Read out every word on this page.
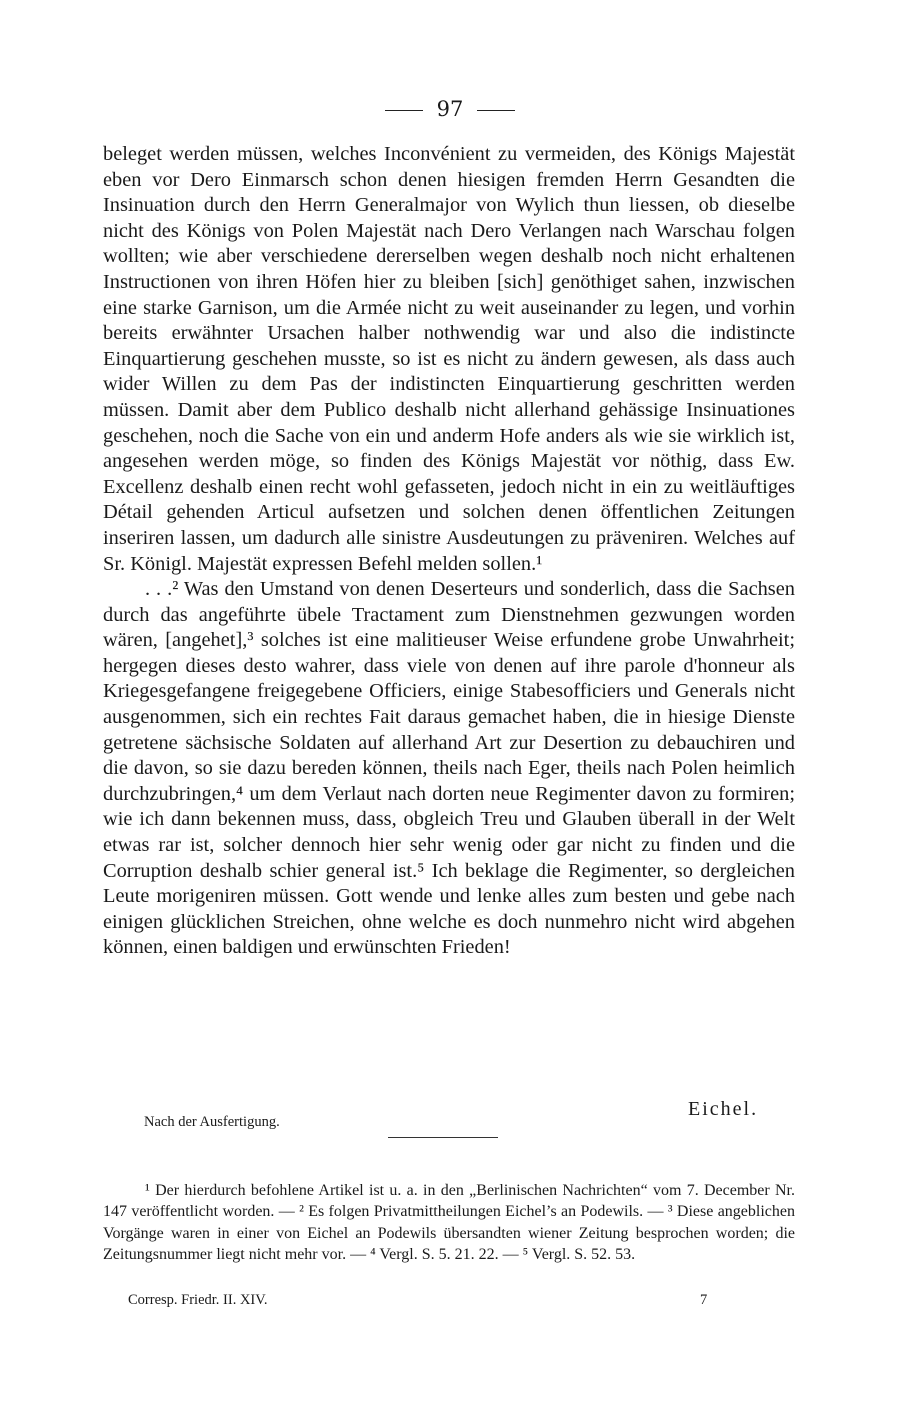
97

beleget werden müssen, welches Inconvénient zu vermeiden, des Königs Majestät eben vor Dero Einmarsch schon denen hiesigen fremden Herrn Gesandten die Insinuation durch den Herrn Generalmajor von Wylich thun liessen, ob dieselbe nicht des Königs von Polen Majestät nach Dero Verlangen nach Warschau folgen wollten; wie aber verschiedene dererselben wegen deshalb noch nicht erhaltenen Instructionen von ihren Höfen hier zu bleiben [sich] genöthiget sahen, inzwischen eine starke Garnison, um die Armée nicht zu weit auseinander zu legen, und vorhin bereits erwähnter Ursachen halber nothwendig war und also die indistincte Einquartierung geschehen musste, so ist es nicht zu ändern gewesen, als dass auch wider Willen zu dem Pas der indistincten Einquartierung geschritten werden müssen. Damit aber dem Publico deshalb nicht allerhand gehässige Insinuationes geschehen, noch die Sache von ein und anderm Hofe anders als wie sie wirklich ist, angesehen werden möge, so finden des Königs Majestät vor nöthig, dass Ew. Excellenz deshalb einen recht wohl gefasseten, jedoch nicht in ein zu weitläuftiges Détail gehenden Articul aufsetzen und solchen denen öffentlichen Zeitungen inseriren lassen, um dadurch alle sinistre Ausdeutungen zu präveniren. Welches auf Sr. Königl. Majestät expressen Befehl melden sollen.¹

. . .² Was den Umstand von denen Deserteurs und sonderlich, dass die Sachsen durch das angeführte übele Tractament zum Dienstnehmen gezwungen worden wären, [angehet],³ solches ist eine malitieuser Weise erfundene grobe Unwahrheit; hergegen dieses desto wahrer, dass viele von denen auf ihre parole d'honneur als Kriegesgefangene freigegebene Officiers, einige Stabesofficiers und Generals nicht ausgenommen, sich ein rechtes Fait daraus gemachet haben, die in hiesige Dienste getretene sächsische Soldaten auf allerhand Art zur Desertion zu debauchiren und die davon, so sie dazu bereden können, theils nach Eger, theils nach Polen heimlich durchzubringen,⁴ um dem Verlaut nach dorten neue Regimenter davon zu formiren; wie ich dann bekennen muss, dass, obgleich Treu und Glauben überall in der Welt etwas rar ist, solcher dennoch hier sehr wenig oder gar nicht zu finden und die Corruption deshalb schier general ist.⁵ Ich beklage die Regimenter, so dergleichen Leute morigeniren müssen. Gott wende und lenke alles zum besten und gebe nach einigen glücklichen Streichen, ohne welche es doch nunmehro nicht wird abgehen können, einen baldigen und erwünschten Frieden!

Eichel.
Nach der Ausfertigung.

¹ Der hierdurch befohlene Artikel ist u. a. in den „Berlinischen Nachrichten“ vom 7. December Nr. 147 veröffentlicht worden. — ² Es folgen Privatmittheilungen Eichel’s an Podewils. — ³ Diese angeblichen Vorgänge waren in einer von Eichel an Podewils übersandten wiener Zeitung besprochen worden; die Zeitungsnummer liegt nicht mehr vor. — ⁴ Vergl. S. 5. 21. 22. — ⁵ Vergl. S. 52. 53.

Corresp. Friedr. II. XIV.	7
